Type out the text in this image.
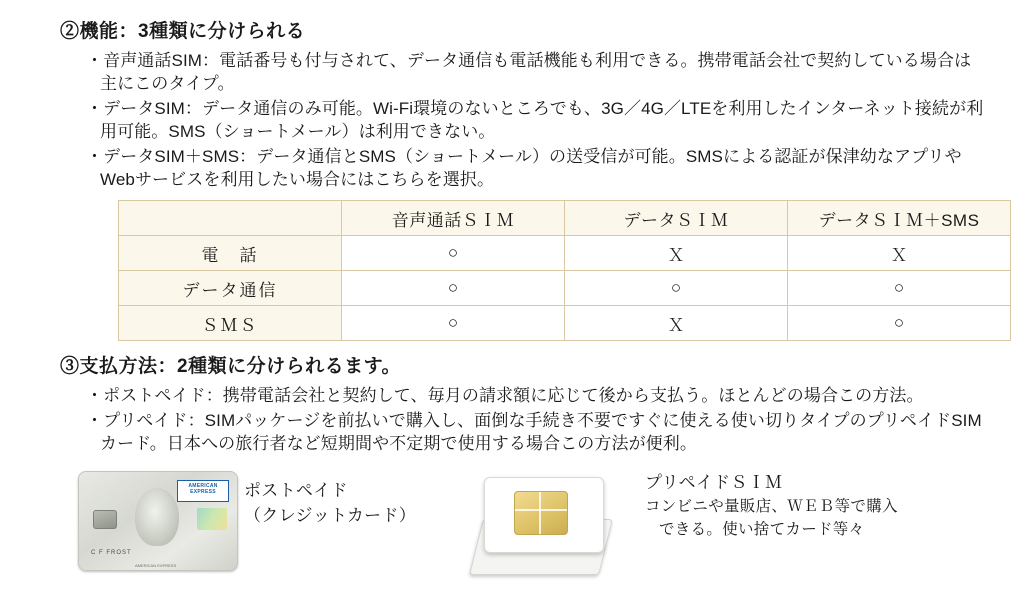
②機能：3種類に分けられる
・音声通話SIM：電話番号も付与されて、データ通信も電話機能も利用できる。携帯電話会社で契約している場合は主にこのタイプ。
・データSIM：データ通信のみ可能。Wi-Fi環境のないところでも、3G／4G／LTEを利用したインターネット接続が利用可能。SMS（ショートメール）は利用できない。
・データSIM＋SMS：データ通信とSMS（ショートメール）の送受信が可能。SMSによる認証が保津幼なアプリやWebサービスを利用したい場合にはこちらを選択。
	音声通話ＳＩＭ	データＳＩＭ	データＳＩＭ＋SMS
電　話	○	Ｘ	Ｘ
データ通信	○	○	○
ＳＭＳ	○	Ｘ	○
③支払方法：2種類に分けられるます。
・ポストペイド：携帯電話会社と契約して、毎月の請求額に応じて後から支払う。ほとんどの場合この方法。
・プリペイド：SIMパッケージを前払いで購入し、面倒な手続き不要ですぐに使える使い切りタイプのプリペイドSIMカード。日本への旅行者など短期間や不定期で使用する場合この方法が便利。
AMERICAN
EXPRESS
AMERICAN EXPRESS
C F FROST
ポストペイド
（クレジットカード）
プリペイドＳＩＭ
コンビニや量販店、ＷＥＢ等で購入
できる。使い捨てカード等々
